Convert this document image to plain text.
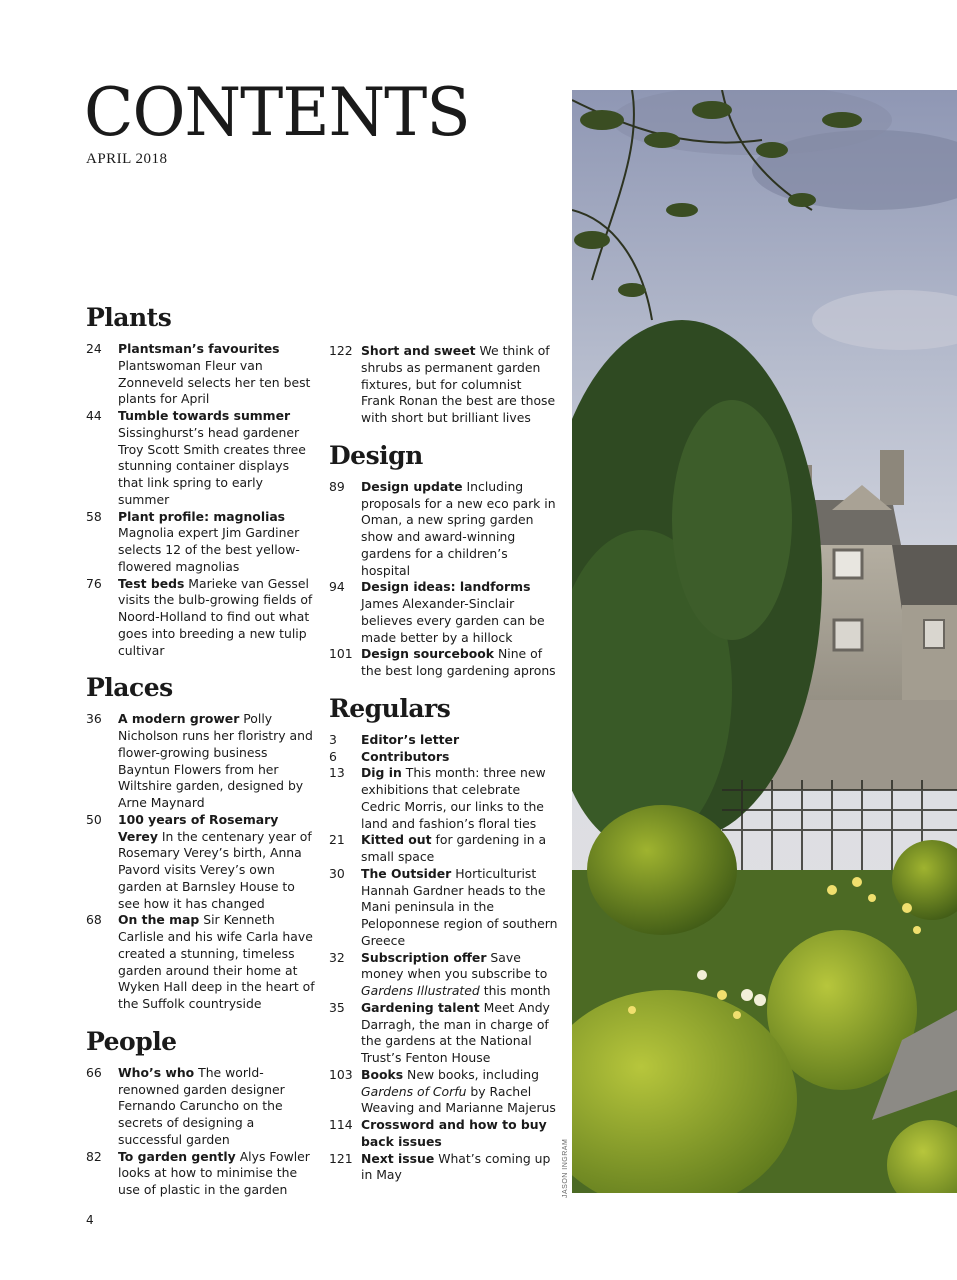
CONTENTS
APRIL 2018
Plants
24	Plantsman’s favourites Plantswoman Fleur van Zonneveld selects her ten best plants for April
44	Tumble towards summer Sissinghurst’s head gardener Troy Scott Smith creates three stunning container displays that link spring to early summer
58	Plant profile: magnolias Magnolia expert Jim Gardiner selects 12 of the best yellow-flowered magnolias
76	Test beds Marieke van Gessel visits the bulb-growing fields of Noord-Holland to find out what goes into breeding a new tulip cultivar
Places
36	A modern grower Polly Nicholson runs her floristry and flower-growing business Bayntun Flowers from her Wiltshire garden, designed by Arne Maynard
50	100 years of Rosemary Verey In the centenary year of Rosemary Verey’s birth, Anna Pavord visits Verey’s own garden at Barnsley House to see how it has changed
68	On the map Sir Kenneth Carlisle and his wife Carla have created a stunning, timeless garden around their home at Wyken Hall deep in the heart of the Suffolk countryside
People
66	Who’s who The world-renowned garden designer Fernando Caruncho on the secrets of designing a successful garden
82	To garden gently Alys Fowler looks at how to minimise the use of plastic in the garden
122 Short and sweet We think of shrubs as permanent garden fixtures, but for columnist Frank Ronan the best are those with short but brilliant lives
Design
89	Design update Including proposals for a new eco park in Oman, a new spring garden show and award-winning gardens for a children’s hospital
94	Design ideas: landforms James Alexander-Sinclair believes every garden can be made better by a hillock
101 Design sourcebook Nine of the best long gardening aprons
Regulars
3	Editor’s letter
6	Contributors
13	Dig in This month: three new exhibitions that celebrate Cedric Morris, our links to the land and fashion’s floral ties
21	Kitted out for gardening in a small space
30	The Outsider Horticulturist Hannah Gardner heads to the Mani peninsula in the Peloponnese region of southern Greece
32	Subscription offer Save money when you subscribe to Gardens Illustrated this month
35	Gardening talent Meet Andy Darragh, the man in charge of the gardens at the National Trust’s Fenton House
103 Books New books, including Gardens of Corfu by Rachel Weaving and Marianne Majerus
114 Crossword and how to buy back issues
121 Next issue What’s coming up in May	JASON INGRAM
4
